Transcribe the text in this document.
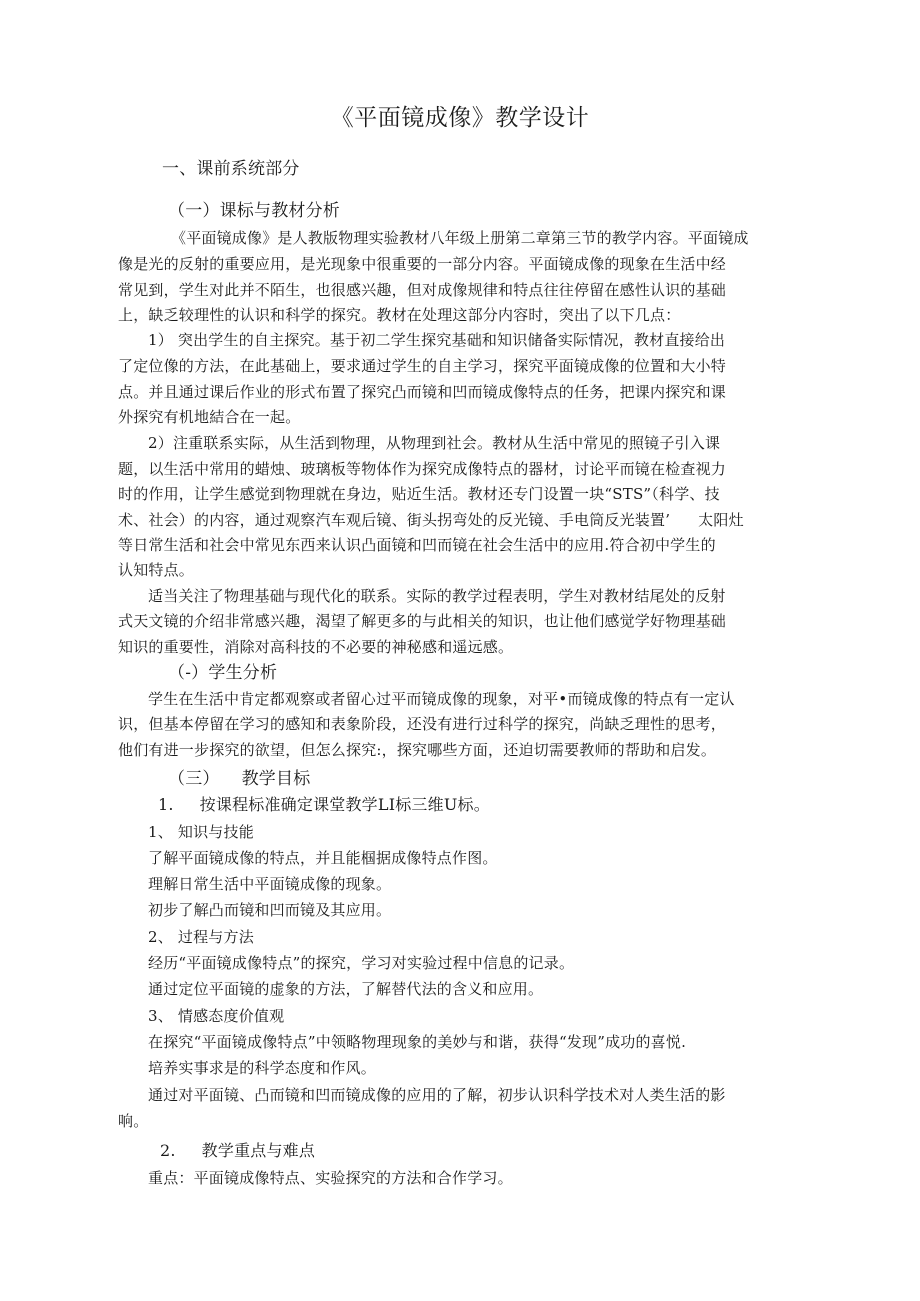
《平面镜成像》教学设计
一、课前系统部分
（一）课标与教材分析
《平面镜成像》是人教版物理实验教材八年级上册第二章第三节的教学内容。平面镜成
像是光的反射的重要应用，是光现象中很重要的一部分内容。平面镜成像的现象在生活中经
常见到，学生对此并不陌生，也很感兴趣，但对成像规律和特点往往停留在感性认识的基础
上，缺乏较理性的认识和科学的探究。教材在处理这部分内容时，突出了以下几点：
1） 突出学生的自主探究。基于初二学生探究基础和知识储备实际情况，教材直接给出
了定位像的方法，在此基础上，要求通过学生的自主学习，探究平面镜成像的位置和大小特
点。并且通过课后作业的形式布置了探究凸而镜和凹而镜成像特点的任务，把课内探究和课
外探究有机地結合在一起。
2）注重联系实际，从生活到物理，从物理到社会。教材从生活中常见的照镜子引入课
题，以生活中常用的蜡烛、玻璃板等物体作为探究成像特点的器材，讨论平而镜在检查视力
时的作用，让学生感觉到物理就在身边，贴近生活。教材还专门设置一块“STS”（科学、技
术、社会）的内容，通过观察汽车观后镜、街头拐弯处的反光镜、手电筒反光装置’ 太阳灶
等日常生活和社会中常见东西来认识凸面镜和凹而镜在社会生活中的应用.符合初中学生的
认知特点。
适当关注了物理基础与现代化的联系。实际的教学过程表明，学生对教材结尾处的反射
式天文镜的介绍非常感兴趣，渴望了解更多的与此相关的知识，也让他们感觉学好物理基础
知识的重要性，消除对高科技的不必要的神秘感和遥远感。
（-）学生分析
学生在生活中肯定都观察或者留心过平而镜成像的现象，对平•而镜成像的特点有一定认
识，但基本停留在学习的感知和表象阶段，还没有进行过科学的探究，尚缺乏理性的思考，
他们有进一步探究的欲望，但怎么探究:，探究哪些方面，还迫切需要教师的帮助和启发。
（三） 教学目标
1. 按课程标准确定课堂教学LI标三维U标。
1、 知识与技能
了解平面镜成像的特点，并且能椢据成像特点作图。
理解日常生活中平面镜成像的现象。
初步了解凸而镜和凹而镜及其应用。
2、 过程与方法
经历“平面镜成像特点”的探究，学习对实验过程中信息的记录。
通过定位平面镜的虚象的方法，了解替代法的含义和应用。
3、 情感态度价值观
在探究“平面镜成像特点”中领略物理现象的美妙与和谐，获得“发现”成功的喜悦.
培养实事求是的科学态度和作风。
通过对平面镜、凸而镜和凹而镜成像的应用的了解，初步认识科学技术对人类生活的影
响。
2. 教学重点与难点
重点：平面镜成像特点、实验探究的方法和合作学习。
